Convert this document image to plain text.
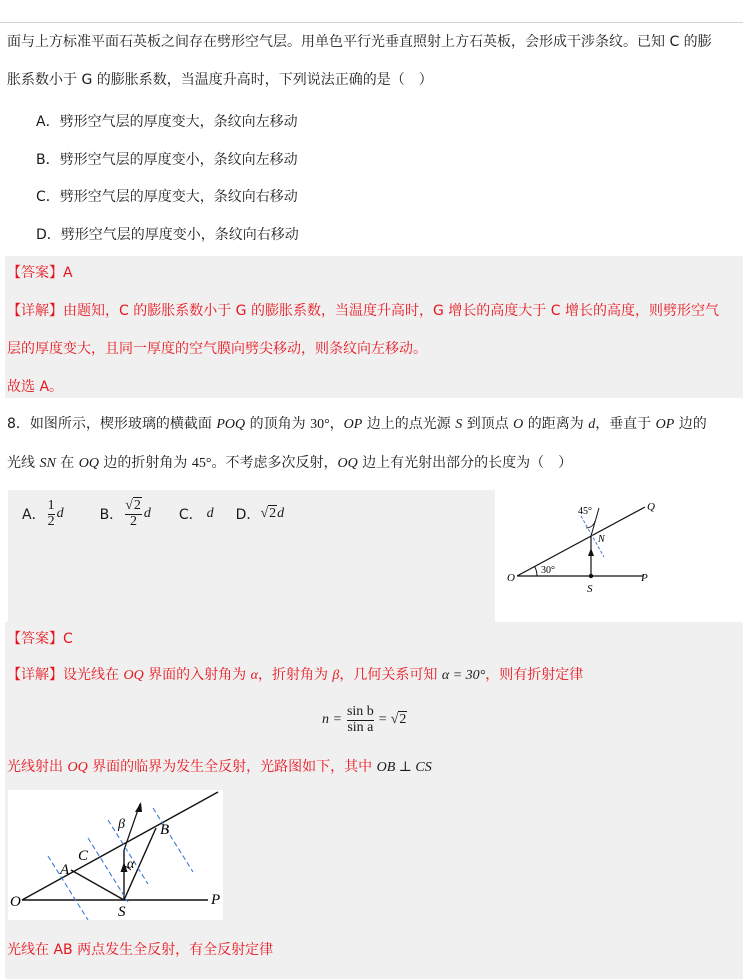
面与上方标准平面石英板之间存在劈形空气层。用单色平行光垂直照射上方石英板，会形成干涉条纹。已知 C 的膨
胀系数小于 G 的膨胀系数，当温度升高时，下列说法正确的是（　）
A．劈形空气层的厚度变大，条纹向左移动
B．劈形空气层的厚度变小，条纹向左移动
C．劈形空气层的厚度变大，条纹向右移动
D．劈形空气层的厚度变小，条纹向右移动
【答案】A
【详解】由题知，C 的膨胀系数小于 G 的膨胀系数，当温度升高时，G 增长的高度大于 C 增长的高度，则劈形空气
层的厚度变大，且同一厚度的空气膜向劈尖移动，则条纹向左移动。
故选 A。
8．如图所示，楔形玻璃的横截面 POQ 的顶角为 30°，OP 边上的点光源 S 到顶点 O 的距离为 d，垂直于 OP 边的
光线 SN 在 OQ 边的折射角为 45°。不考虑多次反射，OQ 边上有光射出部分的长度为（　）
A． $\frac{1}{2}$ d	B． $\frac{√2}{2}$ d C． d D． √2 d
O	P
Q
S
N
30°
45°
【答案】C
【详解】设光线在 OQ 界面的入射角为 α，折射角为 β，几何关系可知 α = 30°，则有折射定律
$n = \frac{\text{sin b}}{\text{sin a}} = √2$
光线射出 OQ 界面的临界为发生全反射，光路图如下，其中 OB ⊥ CS
O	P
S
A
B
C
α
β
光线在 AB 两点发生全反射，有全反射定律
